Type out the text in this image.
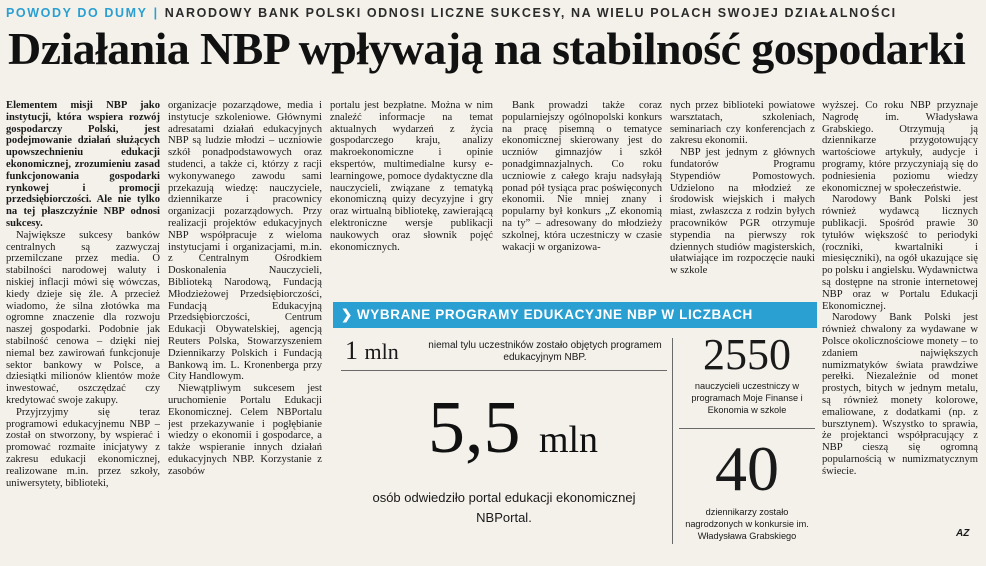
POWODY DO DUMY | NARODOWY BANK POLSKI ODNOSI LICZNE SUKCESY, NA WIELU POLACH SWOJEJ DZIAŁALNOŚCI
Działania NBP wpływają na stabilność gospodarki

Elementem misji NBP jako instytucji, która wspiera rozwój gospodarczy Polski, jest podejmowanie działań służących upowszechnieniu edukacji ekonomicznej, zrozumieniu zasad funkcjonowania gospodarki rynkowej i promocji przedsiębiorczości. Ale nie tylko na tej płaszczyźnie NBP odnosi sukcesy.

Największe sukcesy banków centralnych są zazwyczaj przemilczane przez media. O stabilności narodowej waluty i niskiej inflacji mówi się wówczas, kiedy dzieje się źle. A przecież wiadomo, że silna złotówka ma ogromne znaczenie dla rozwoju naszej gospodarki. Podobnie jak stabilność cenowa – dzięki niej niemal bez zawirowań funkcjonuje sektor bankowy w Polsce, a dziesiątki milionów klientów może inwestować, oszczędzać czy kredytować swoje zakupy.

Przyjrzyjmy się teraz programowi edukacyjnemu NBP – został on stworzony, by wspierać i promować rozmaite inicjatywy z zakresu edukacji ekonomicznej, realizowane m.in. przez szkoły, uniwersytety, biblioteki,

organizacje pozarządowe, media i instytucje szkoleniowe. Głównymi adresatami działań edukacyjnych NBP są ludzie młodzi – uczniowie szkół ponadpodstawowych oraz studenci, a także ci, którzy z racji wykonywanego zawodu sami przekazują wiedzę: nauczyciele, dziennikarze i pracownicy organizacji pozarządowych. Przy realizacji projektów edukacyjnych NBP współpracuje z wieloma instytucjami i organizacjami, m.in. z Centralnym Ośrodkiem Doskonalenia Nauczycieli, Biblioteką Narodową, Fundacją Młodzieżowej Przedsiębiorczości, Fundacją Edukacyjną Przedsiębiorczości, Centrum Edukacji Obywatelskiej, agencją Reuters Polska, Stowarzyszeniem Dziennikarzy Polskich i Fundacją Bankową im. L. Kronenberga przy City Handlowym.

Niewątpliwym sukcesem jest uruchomienie Portalu Edukacji Ekonomicznej. Celem NBPortalu jest przekazywanie i pogłębianie wiedzy o ekonomii i gospodarce, a także wspieranie innych działań edukacyjnych NBP. Korzystanie z zasobów

portalu jest bezpłatne. Można w nim znaleźć informacje na temat aktualnych wydarzeń z życia gospodarczego kraju, analizy makroekonomiczne i opinie ekspertów, multimedialne kursy e-learningowe, pomoce dydaktyczne dla nauczycieli, związane z tematyką ekonomiczną quizy decyzyjne i gry oraz wirtualną bibliotekę, zawierającą elektroniczne wersje publikacji naukowych oraz słownik pojęć ekonomicznych.

Bank prowadzi także coraz popularniejszy ogólnopolski konkurs na pracę pisemną o tematyce ekonomicznej skierowany jest do uczniów gimnazjów i szkół ponadgimnazjalnych. Co roku uczniowie z całego kraju nadsyłają ponad pół tysiąca prac poświęconych ekonomii. Nie mniej znany i popularny był konkurs „Z ekonomią na ty” – adresowany do młodzieży szkolnej, która uczestniczy w czasie wakacji w organizowa-

nych przez biblioteki powiatowe warsztatach, szkoleniach, seminariach czy konferencjach z zakresu ekonomii.

NBP jest jednym z głównych fundatorów Programu Stypendiów Pomostowych. Udzielono na młodzież ze środowisk wiejskich i małych miast, zwłaszcza z rodzin byłych pracowników PGR otrzymuje stypendia na pierwszy rok dziennych studiów magisterskich, ułatwiające im rozpoczęcie nauki w szkole

wyższej. Co roku NBP przyznaje Nagrodę im. Władysława Grabskiego. Otrzymują ją dziennikarze przygotowujący wartościowe artykuły, audycje i programy, które przyczyniają się do podniesienia poziomu wiedzy ekonomicznej w społeczeństwie.

Narodowy Bank Polski jest również wydawcą licznych publikacji. Spośród prawie 30 tytułów większość to periodyki (roczniki, kwartalniki i miesięczniki), na ogół ukazujące się po polsku i angielsku. Wydawnictwa są dostępne na stronie internetowej NBP oraz w Portalu Edukacji Ekonomicznej.

Narodowy Bank Polski jest również chwalony za wydawane w Polsce okolicznościowe monety – to zdaniem największych numizmatyków świata prawdziwe perełki. Niezależnie od monet prostych, bitych w jednym metalu, są również monety kolorowe, emaliowane, z dodatkami (np. z bursztynem). Wszystko to sprawia, że projektanci współpracujący z NBP cieszą się ogromną popularnością w numizmatycznym świecie.

❯ WYBRANE PROGRAMY EDUKACYJNE NBP W LICZBACH
1 mln	niemal tylu uczestników zostało objętych programem edukacyjnym NBP.
5,5 mln
osób odwiedziło portal edukacji ekonomicznej NBPortal.
2550
nauczycieli uczestniczy w programach Moje Finanse i Ekonomia w szkole
40
dziennikarzy zostało nagrodzonych w konkursie im. Władysława Grabskiego	AZ
